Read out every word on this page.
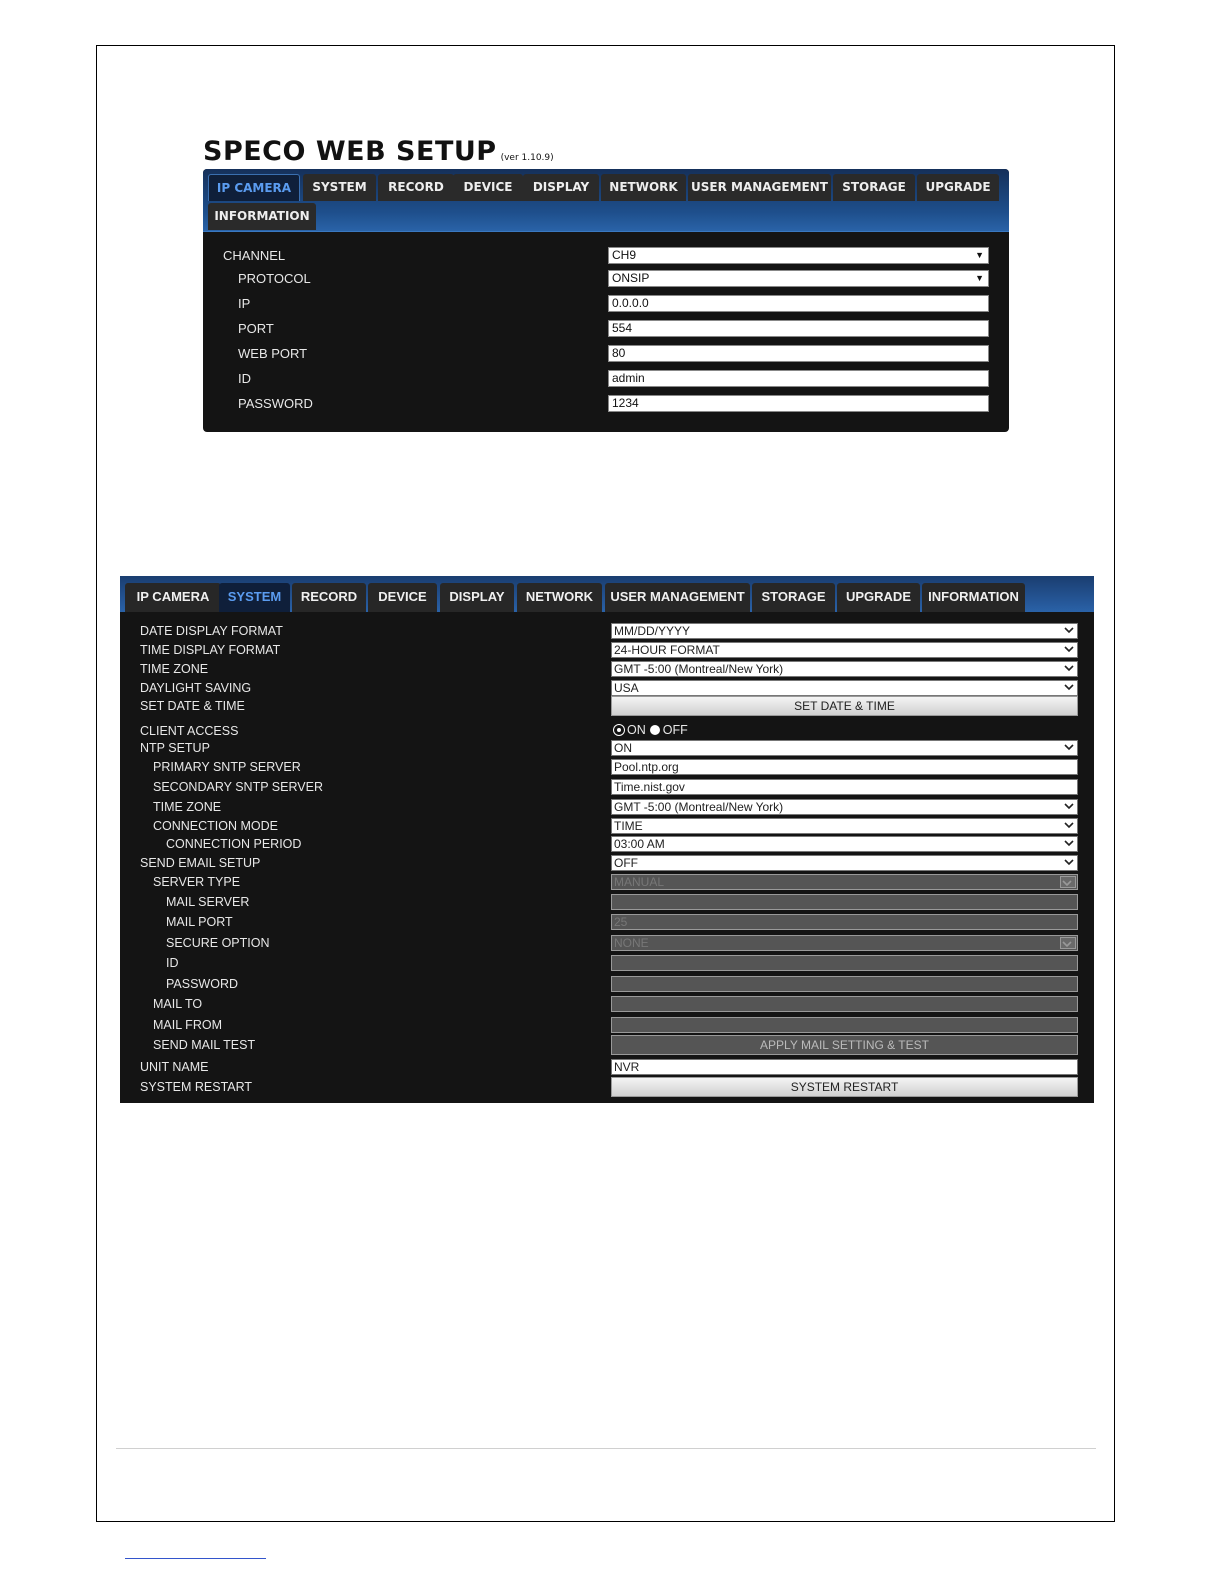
SPECO WEB SETUP (ver 1.10.9)
IP CAMERA	SYSTEM	RECORD	DEVICE	DISPLAY	NETWORK	USER MANAGEMENT	STORAGE	UPGRADE
INFORMATION
CHANNEL	CH9	▼
PROTOCOL	ONSIP	▼
IP	0.0.0.0
PORT	554
WEB PORT	80
ID	admin
PASSWORD	1234
IP CAMERA	SYSTEM	RECORD	DEVICE	DISPLAY	NETWORK	USER MANAGEMENT	STORAGE	UPGRADE	INFORMATION
DATE DISPLAY FORMAT	MM/DD/YYYY
TIME DISPLAY FORMAT	24-HOUR FORMAT
TIME ZONE	GMT -5:00 (Montreal/New York)
DAYLIGHT SAVING	USA
SET DATE & TIME	SET DATE & TIME
CLIENT ACCESS	ON OFF
NTP SETUP	ON
PRIMARY SNTP SERVER	Pool.ntp.org
SECONDARY SNTP SERVER	Time.nist.gov
TIME ZONE	GMT -5:00 (Montreal/New York)
CONNECTION MODE	TIME
CONNECTION PERIOD	03:00 AM
SEND EMAIL SETUP	OFF
SERVER TYPE	MANUAL
MAIL SERVER
MAIL PORT	25
SECURE OPTION	NONE
ID
PASSWORD
MAIL TO
MAIL FROM
SEND MAIL TEST	APPLY MAIL SETTING & TEST
UNIT NAME	NVR
SYSTEM RESTART	SYSTEM RESTART
